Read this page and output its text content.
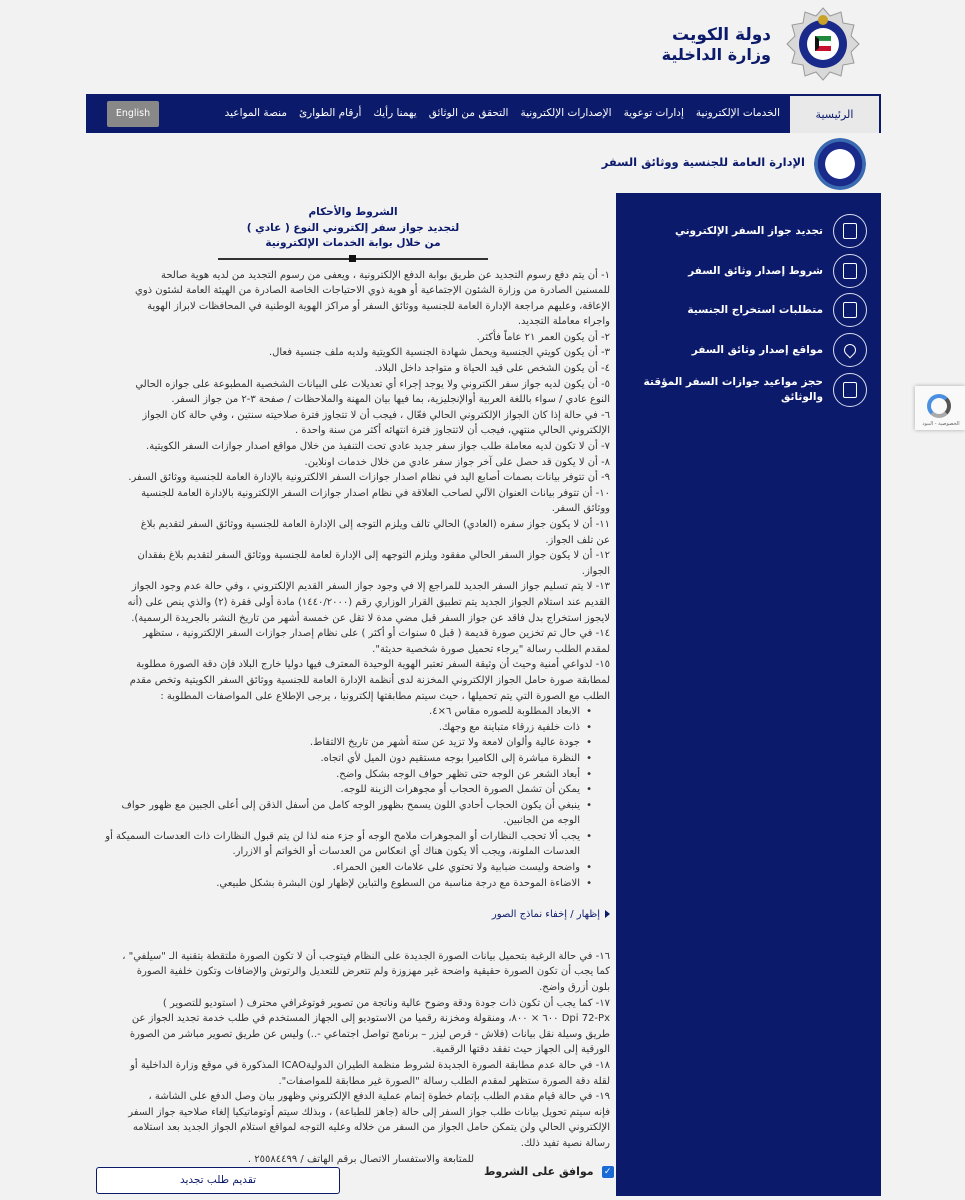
دولة الكويت
وزارة الداخلية
الرئيسية
الخدمات الإلكترونية
إدارات توعوية
الإصدارات الإلكترونية
التحقق من الوثائق
يهمنا رأيك
أرقام الطوارئ
منصة المواعيد
English
الإدارة العامة للجنسية ووثائق السفر
تجديد جواز السفر الإلكتروني
شروط إصدار وثائق السفر
متطلبات استخراج الجنسية
مواقع إصدار وثائق السفر
حجز مواعيد جوازات السفر المؤقتة
والوثائق
الشروط والأحكام
لتجديد جواز سفر إلكتروني النوع ( عادي )
من خلال بوابة الخدمات الإلكترونية
١- أن يتم دفع رسوم التجديد عن طريق بوابة الدفع الإلكترونية ، ويعفى من رسوم التجديد من لديه هوية صالحة
للمسنين الصادرة من وزارة الشئون الإجتماعية أو هوية ذوي الاحتياجات الخاصة الصادرة من الهيئة العامة لشئون ذوي
الإعاقة، وعليهم مراجعة الإدارة العامة للجنسية ووثائق السفر أو مراكز الهوية الوطنية في المحافظات لابراز الهوية
واجراء معاملة التجديد.
٢- أن يكون العمر ٢١ عاماً فأكثر.
٣- أن يكون كويتي الجنسية ويحمل شهادة الجنسية الكويتية ولديه ملف جنسية فعال.
٤- أن يكون الشخص على قيد الحياة و متواجد داخل البلاد.
٥- أن يكون لديه جواز سفر الكتروني ولا يوجد إجراء أي تعديلات على البيانات الشخصية المطبوعة على جوازه الحالي
النوع عادي / سواء باللغة العربية أوالإنجليزية، بما فيها بيان المهنة والملاحظات / صفحة ٣-٢ من جواز السفر.
٦- في حالة إذا كان الجواز الإلكتروني الحالي فعّال ، فيجب أن لا تتجاوز فترة صلاحيته سنتين ، وفي حالة كان الجواز
الإلكتروني الحالي منتهي، فيجب أن لاتتجاوز فترة انتهائه أكثر من سنة واحدة .
٧- أن لا تكون لديه معاملة طلب جواز سفر جديد عادي تحت التنفيذ من خلال مواقع اصدار جوازات السفر الكويتية.
٨- أن لا يكون قد حصل على آخر جواز سفر عادي من خلال خدمات اونلاين.
٩- أن تتوفر بيانات بصمات أصابع اليد في نظام اصدار جوازات السفر الالكترونية بالإدارة العامة للجنسية ووثائق السفر.
١٠- أن تتوفر بيانات العنوان الآلي لصاحب العلاقة في نظام اصدار جوازات السفر الإلكترونية بالإدارة العامة للجنسية
ووثائق السفر.
١١- أن لا يكون جواز سفره (العادي) الحالي تالف ويلزم التوجه إلى الإدارة العامة للجنسية ووثائق السفر لتقديم بلاغ
عن تلف الجواز.
١٢- أن لا يكون جواز السفر الحالي مفقود ويلزم التوجهه إلى الإدارة لعامة للجنسية ووثائق السفر لتقديم بلاغ بفقدان
الجواز.
١٣- لا يتم تسليم جواز السفر الجديد للمراجع إلا في وجود جواز السفر القديم الإلكتروني ، وفي حالة عدم وجود الجواز
القديم عند استلام الجواز الجديد يتم تطبيق القرار الوزاري رقم (١٤٤٠/٢٠٠٠) مادة أولى فقرة (٢) والذي ينص على (أنه
لايجوز استخراج بدل فاقد عن جواز السفر قبل مضي مدة لا تقل عن خمسة أشهر من تاريخ النشر بالجريدة الرسمية).
١٤- في حال تم تخزين صورة قديمة ( قبل ٥ سنوات أو أكثر ) على نظام إصدار جوازات السفر الإلكترونية ، ستظهر
لمقدم الطلب رسالة "يرجاء تحميل صورة شخصية حديثة".
١٥- لدواعي أمنية وحيث أن وثيقة السفر تعتبر الهوية الوحيدة المعترف فيها دوليا خارج البلاد فإن دقة الصورة مطلوبة
لمطابقة صورة حامل الجواز الإلكتروني المخزنة لدى أنظمة الإدارة العامة للجنسية ووثائق السفر الكويتية وتخص مقدم
الطلب مع الصورة التي يتم تحميلها ، حيث سيتم مطابقتها إلكترونيا ، يرجى الإطلاع على المواصفات المطلوبة :
• الابعاد المطلوبة للصوره مقاس ٦×٤.
• ذات خلفية زرقاء متباينة مع وجهك.
• جودة عالية وألوان لامعة ولا تزيد عن ستة أشهر من تاريخ الالتقاط.
• النظرة مباشرة إلى الكاميرا بوجه مستقيم دون الميل لأي اتجاه.
• أبعاد الشعر عن الوجه حتى تظهر حواف الوجه بشكل واضح.
• يمكن أن تشمل الصورة الحجاب أو مجوهرات الزينة للوجه.
• ينبغي أن يكون الحجاب أحادي اللون يسمح بظهور الوجه كامل من أسفل الذقن إلى أعلى الجبين مع ظهور حواف الوجه من الجانبين.
• يجب ألا تحجب النظارات أو المجوهرات ملامح الوجه أو جزء منه لذا لن يتم قبول النظارات ذات العدسات السميكة أو العدسات الملونة، ويجب ألا يكون هناك أي انعكاس من العدسات أو الخواتم أو الازرار.
• واضحة وليست ضبابية ولا تحتوي على علامات العين الحمراء.
• الاضاءة الموحدة مع درجة مناسبة من السطوع والتباين لإظهار لون البشرة بشكل طبيعي.
إظهار / إخفاء نماذج الصور
١٦- في حالة الرغبة بتحميل بيانات الصورة الجديدة على النظام فيتوجب أن لا تكون الصورة ملتقطة بتقنية الـ "سيلفي" ،
كما يجب أن تكون الصورة حقيقية واضحة غير مهزوزة ولم تتعرض للتعديل والرتوش والإضافات وتكون خلفية الصورة
بلون أزرق واضح.
١٧- كما يجب أن تكون ذات جودة ودقة وضوح عالية وناتجة من تصوير فوتوغرافي محترف ( استوديو للتصوير )
Dpi 72-Px ٦٠٠ × ٨٠٠، ومنقولة ومخزنة رقميا من الاستوديو إلى الجهاز المستخدم في طلب خدمة تجديد الجواز عن
طريق وسيلة نقل بيانات (فلاش - قرص ليزر – برنامج تواصل اجتماعي -..) وليس عن طريق تصوير مباشر من الصورة
الورقية إلى الجهاز حيث تفقد دقتها الرقمية.
١٨- في حالة عدم مطابقة الصورة الجديدة لشروط منظمة الطيران الدوليةICAO المذكورة في موقع وزارة الداخلية أو
لقلة دقة الصورة ستظهر لمقدم الطلب رسالة "الصورة غير مطابقة للمواصفات".
١٩- في حالة قيام مقدم الطلب بإتمام خطوة إتمام عملية الدفع الإلكتروني وظهور بيان وصل الدفع على الشاشة ،
فإنه سيتم تحويل بيانات طلب جواز السفر إلى حالة (جاهز للطباعة) ، وبذلك سيتم أوتوماتيكيا إلغاء صلاحية جواز السفر
الإلكتروني الحالي ولن يتمكن حامل الجواز من السفر من خلاله وعليه التوجه لمواقع استلام الجواز الجديد بعد استلامه
رسالة نصية تفيد ذلك.
للمتابعة والاستفسار الاتصال برقم الهاتف / ٢٥٥٨٤٤٩٩ .
✓
موافق على الشروط
تقديم طلب تجديد
الخصوصية - البنود
